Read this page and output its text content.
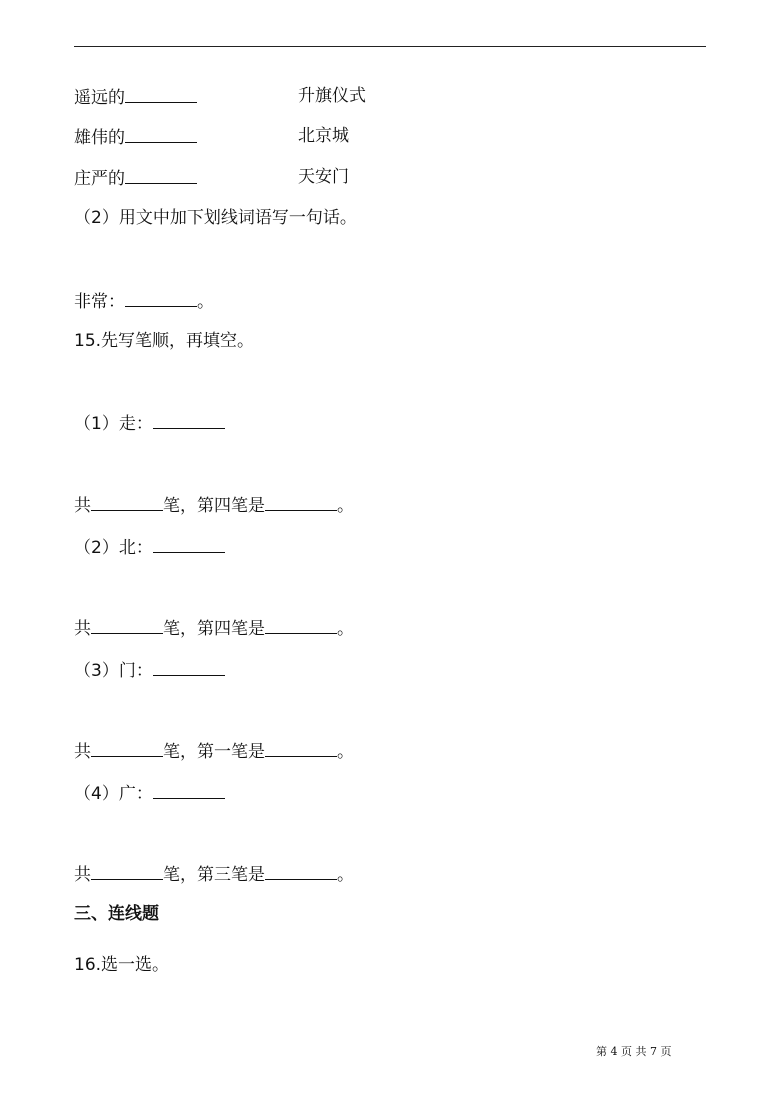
遥远的	升旗仪式
雄伟的	北京城
庄严的	天安门
（2）用文中加下划线词语写一句话。
非常：	。
15.先写笔顺，再填空。
（1）走：
共	笔，第四笔是	。
（2）北：
共	笔，第四笔是	。
（3）门：
共	笔，第一笔是	。
（4）广：
共	笔，第三笔是	。
三、连线题
16.选一选。
第 4 页 共 7 页
